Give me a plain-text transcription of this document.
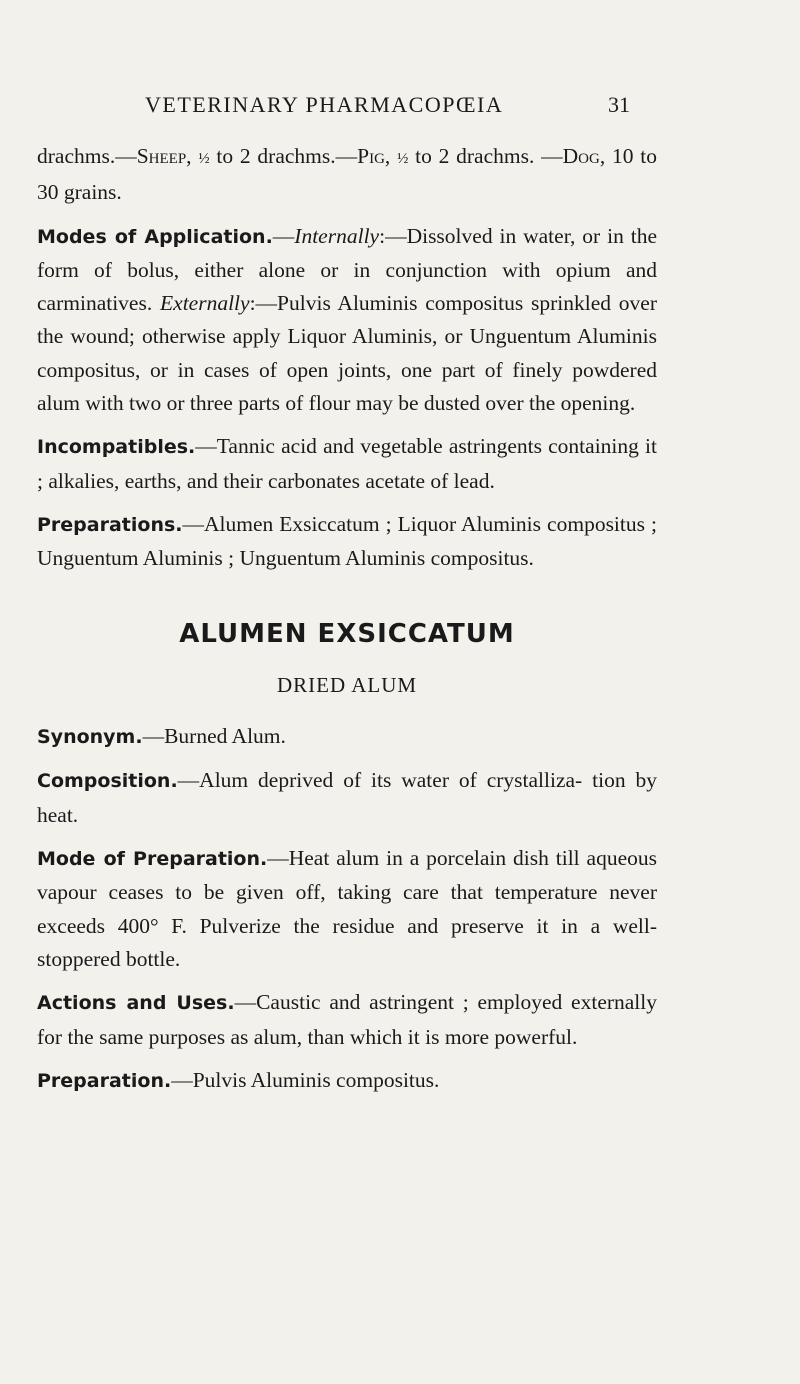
VETERINARY PHARMACOPŒIA	31

drachms.—Sheep, ½ to 2 drachms.—Pig, ½ to 2 drachms. —Dog, 10 to 30 grains.

Modes of Application.—Internally:—Dissolved in water, or in the form of bolus, either alone or in conjunction with opium and carminatives. Externally:—Pulvis Aluminis compositus sprinkled over the wound; otherwise apply Liquor Aluminis, or Unguentum Aluminis compositus, or in cases of open joints, one part of finely powdered alum with two or three parts of flour may be dusted over the opening.

Incompatibles.—Tannic acid and vegetable astringents containing it ; alkalies, earths, and their carbonates acetate of lead.

Preparations.—Alumen Exsiccatum ; Liquor Aluminis compositus ; Unguentum Aluminis ; Unguentum Aluminis compositus.

ALUMEN EXSICCATUM
DRIED ALUM

Synonym.—Burned Alum.

Composition.—Alum deprived of its water of crystalliza- tion by heat.

Mode of Preparation.—Heat alum in a porcelain dish till aqueous vapour ceases to be given off, taking care that temperature never exceeds 400° F. Pulverize the residue and preserve it in a well-stoppered bottle.

Actions and Uses.—Caustic and astringent ; employed externally for the same purposes as alum, than which it is more powerful.

Preparation.—Pulvis Aluminis compositus.
